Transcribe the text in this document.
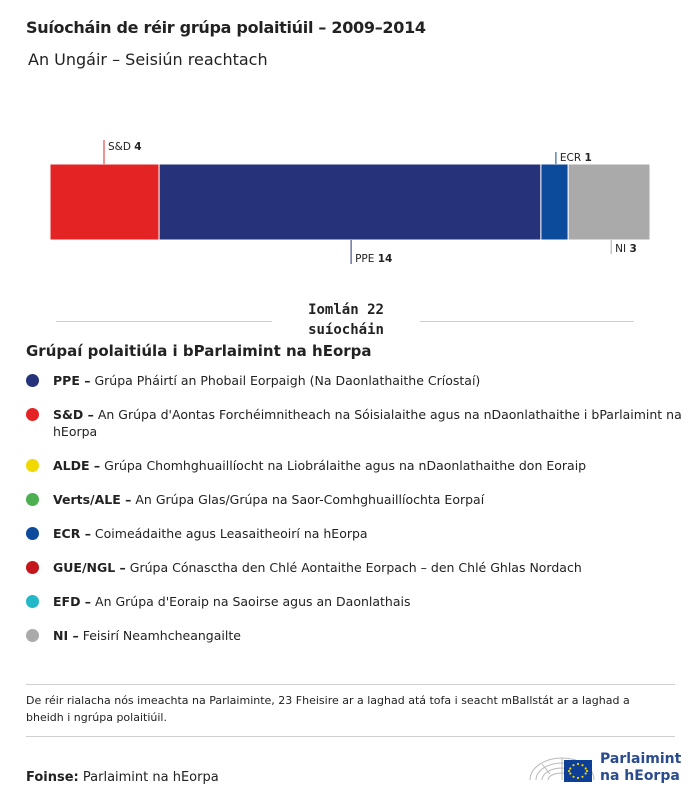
Suíocháin de réir grúpa polaitiúil – 2009–2014
An Ungáir – Seisiún reachtach
S&D 4
PPE 14
ECR 1
NI 3
Iomlán 22
suíocháin
Grúpaí polaitiúla i bParlaimint na hEorpa
PPE – Grúpa Pháirtí an Phobail Eorpaigh (Na Daonlathaithe Críostaí)
S&D – An Grúpa d'Aontas Forchéimnitheach na Sóisialaithe agus na nDaonlathaithe i bParlaimint na hEorpa
ALDE – Grúpa Chomhghuaillíocht na Liobrálaithe agus na nDaonlathaithe don Eoraip
Verts/ALE – An Grúpa Glas/Grúpa na Saor-Comhghuaillíochta Eorpaí
ECR – Coimeádaithe agus Leasaitheoirí na hEorpa
GUE/NGL – Grúpa Cónasctha den Chlé Aontaithe Eorpach – den Chlé Ghlas Nordach
EFD – An Grúpa d'Eoraip na Saoirse agus an Daonlathais
NI – Feisirí Neamhcheangailte
De réir rialacha nós imeachta na Parlaiminte, 23 Fheisire ar a laghad atá tofa i seacht mBallstát ar a laghad a bheidh i ngrúpa polaitiúil.
Foinse: Parlaimint na hEorpa
Parlaimint
na hEorpa
